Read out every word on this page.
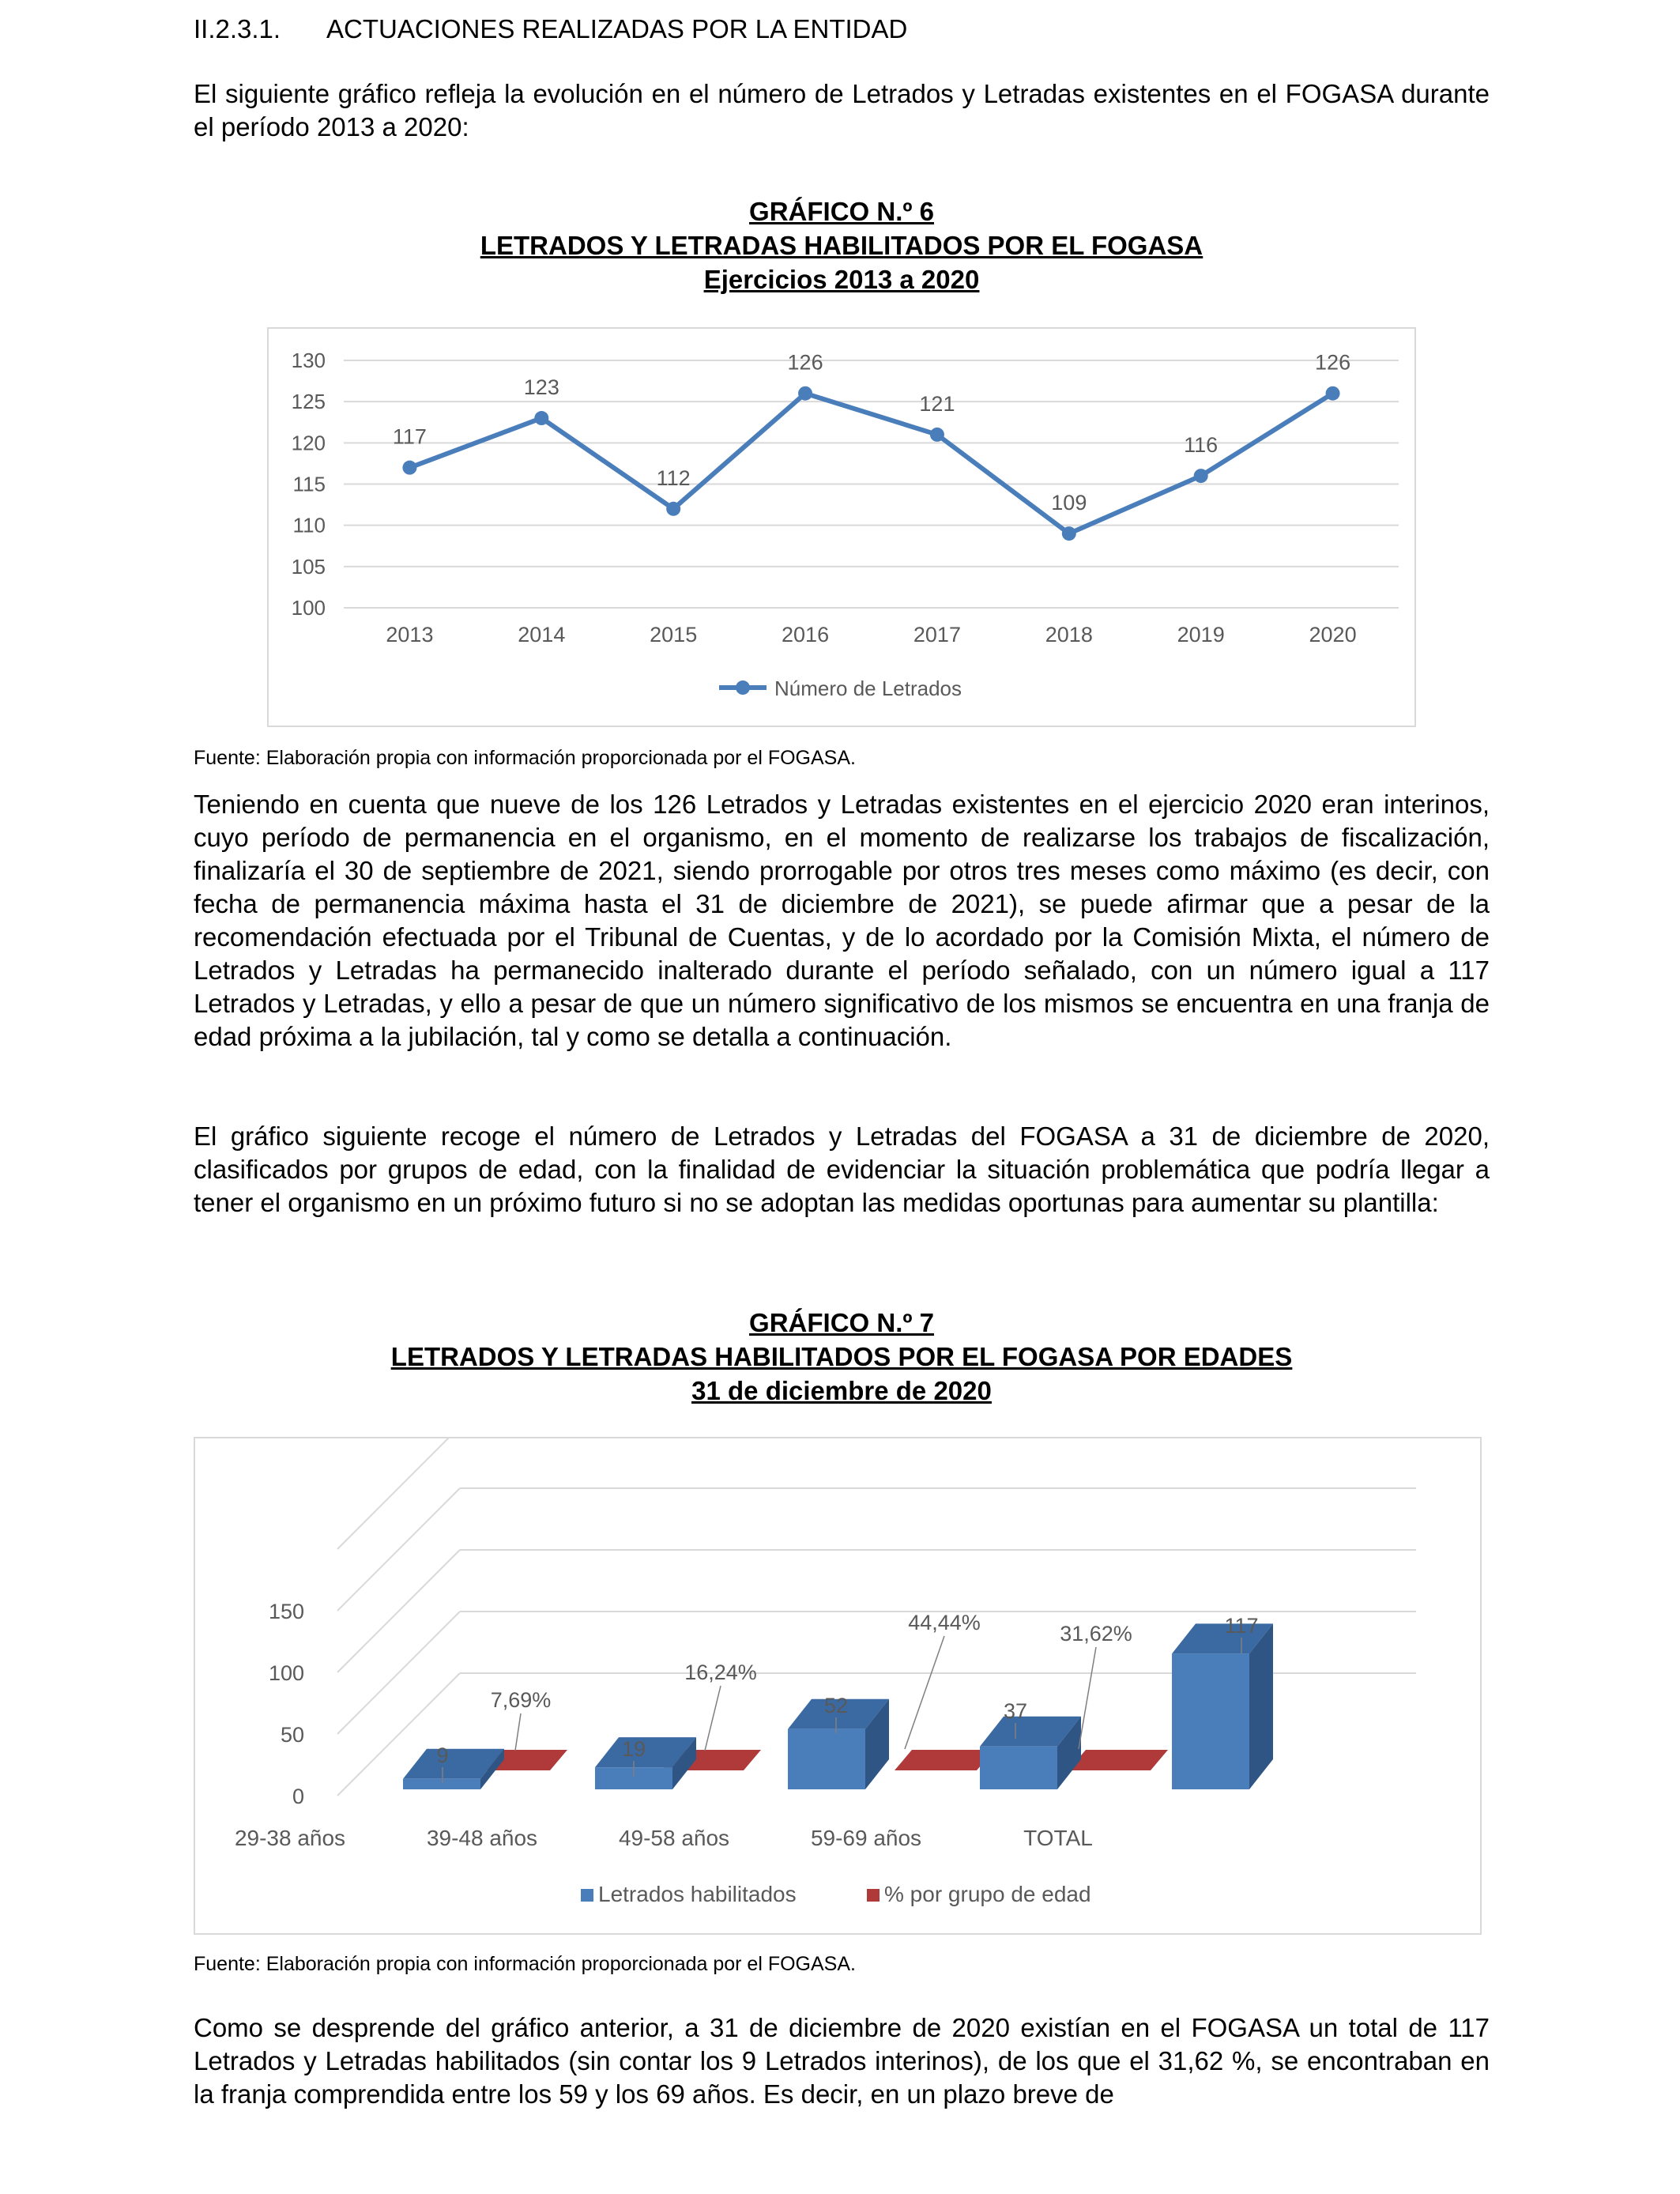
II.2.3.1. ACTUACIONES REALIZADAS POR LA ENTIDAD
El siguiente gráfico refleja la evolución en el número de Letrados y Letradas existentes en el FOGASA durante el período 2013 a 2020:
GRÁFICO N.º 6
LETRADOS Y LETRADAS HABILITADOS POR EL FOGASA
Ejercicios 2013 a 2020
100
105
110
115
120
125
130
2013	2014	2015	2016	2017	2018	2019	2020
117
123
112
126
121
109
116
126
Número de Letrados
Fuente: Elaboración propia con información proporcionada por el FOGASA.
Teniendo en cuenta que nueve de los 126 Letrados y Letradas existentes en el ejercicio 2020 eran interinos, cuyo período de permanencia en el organismo, en el momento de realizarse los trabajos de fiscalización, finalizaría el 30 de septiembre de 2021, siendo prorrogable por otros tres meses como máximo (es decir, con fecha de permanencia máxima hasta el 31 de diciembre de 2021), se puede afirmar que a pesar de la recomendación efectuada por el Tribunal de Cuentas, y de lo acordado por la Comisión Mixta, el número de Letrados y Letradas ha permanecido inalterado durante el período señalado, con un número igual a 117 Letrados y Letradas, y ello a pesar de que un número significativo de los mismos se encuentra en una franja de edad próxima a la jubilación, tal y como se detalla a continuación.
El gráfico siguiente recoge el número de Letrados y Letradas del FOGASA a 31 de diciembre de 2020, clasificados por grupos de edad, con la finalidad de evidenciar la situación problemática que podría llegar a tener el organismo en un próximo futuro si no se adoptan las medidas oportunas para aumentar su plantilla:
GRÁFICO N.º 7
LETRADOS Y LETRADAS HABILITADOS POR EL FOGASA POR EDADES
31 de diciembre de 2020
0
50
100
150
29-38 años	39-48 años	49-58 años	59-69 años	TOTAL
9	19
52	37
117
7,69%
16,24%
44,44%	31,62%
Letrados habilitados	% por grupo de edad
Fuente: Elaboración propia con información proporcionada por el FOGASA.
Como se desprende del gráfico anterior, a 31 de diciembre de 2020 existían en el FOGASA un total de 117 Letrados y Letradas habilitados (sin contar los 9 Letrados interinos), de los que el 31,62 %, se encontraban en la franja comprendida entre los 59 y los 69 años. Es decir, en un plazo breve de
